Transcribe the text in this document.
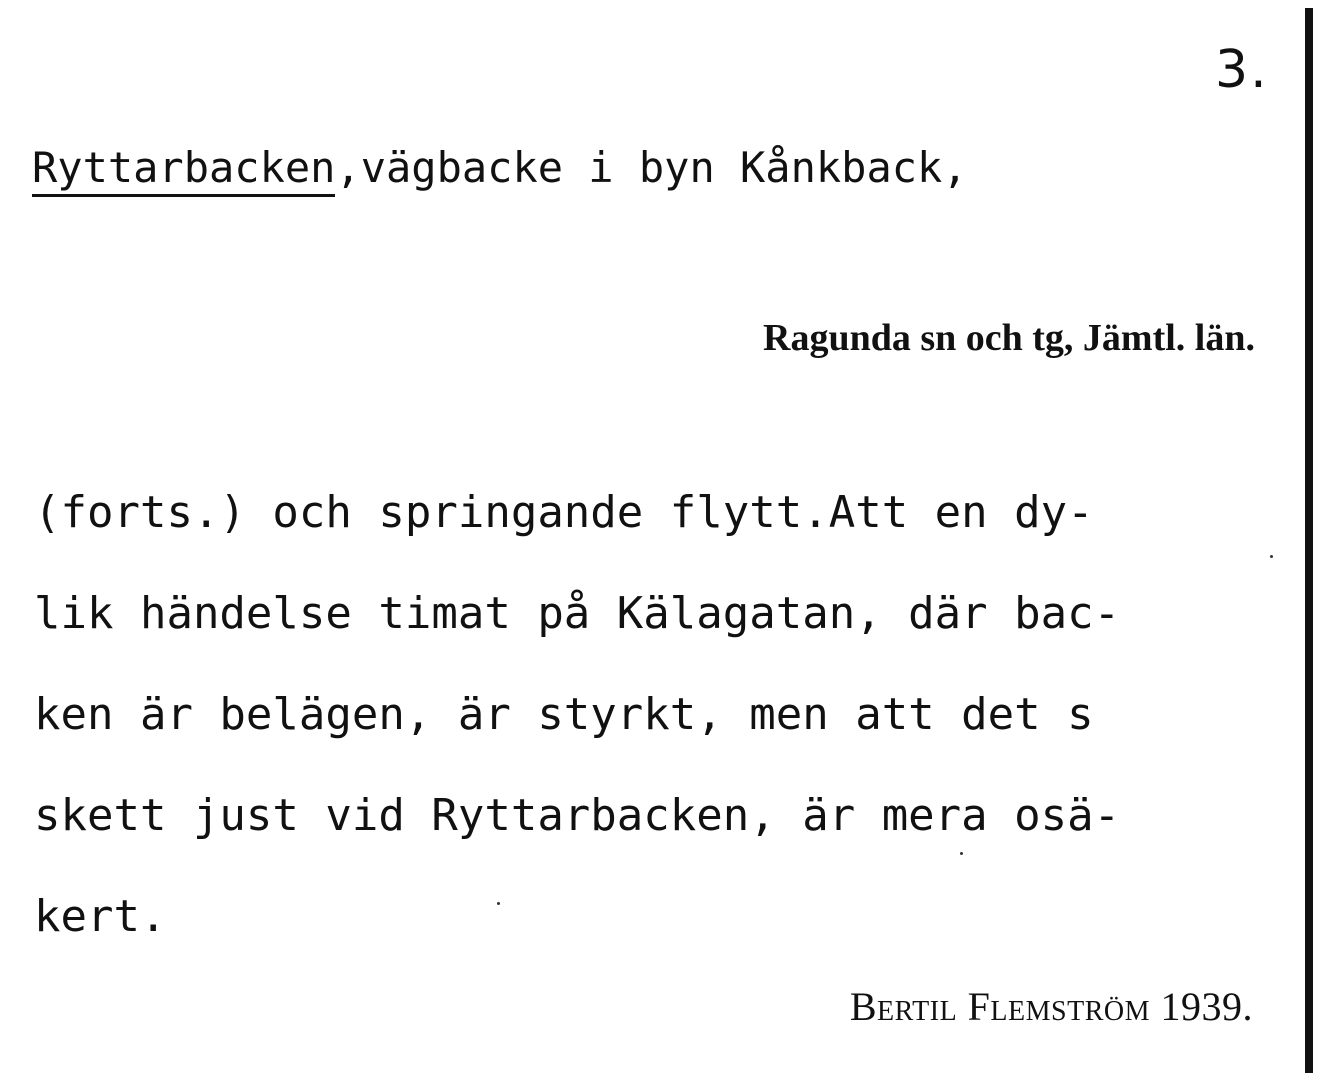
3.
Ryttarbacken,vägbacke i byn Kånkback,
Ragunda sn och tg, Jämtl. län.
(forts.) och springande flytt.Att en dy-
lik händelse timat på Kälagatan, där bac-
ken är belägen, är styrkt, men att det s
skett just vid Ryttarbacken, är mera osä-
kert.
Bertil Flemström 1939.
